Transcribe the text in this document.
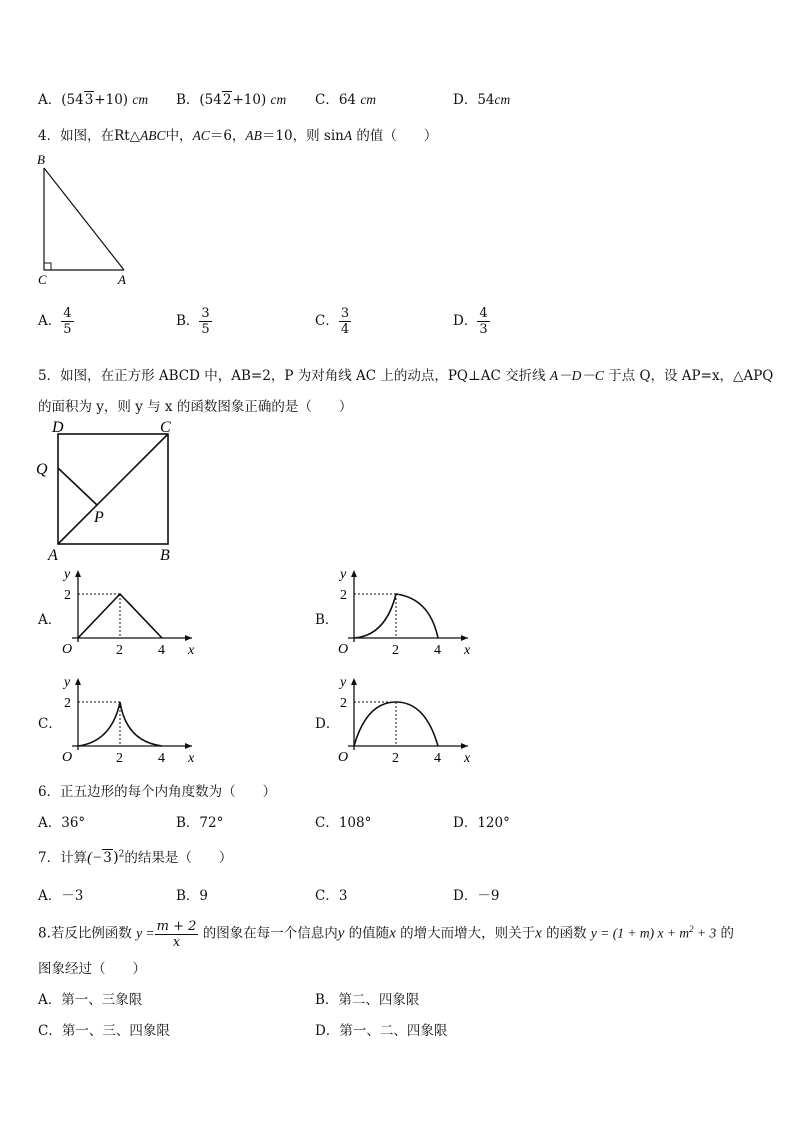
A．(543+10) cm B．(542+10) cm C．64 cm	D．54cm
4．如图，在Rt△ABC中，AC＝6，AB＝10，则 sinA 的值（　　）
B
C	A
A． $\frac{4}{5}$	B． $\frac{3}{5}$	C． $\frac{3}{4}$	D． $\frac{4}{3}$
5．如图，在正方形 ABCD 中，AB=2，P 为对角线 AC 上的动点，PQ⊥AC 交折线 A－D－C 于点 Q，设 AP=x，△APQ
的面积为 y，则 y 与 x 的函数图象正确的是（　　）
D	C
Q
P
A	B
A．
y
2
O	2	4 x
B．
y
2
O	2	4 x
C．
y
2
O	2	4 x
D．
y
2
O	2	4 x
6．正五边形的每个内角度数为（　　）
A．36°	B．72°	C．108°	D．120°
7．计算$(-3)^2$的结果是（　　）
A．－3	B．9	C．3	D．－9
8.若反比例函数 $y = \frac{m + 2}{x}$ 的图象在每一个信息内y 的值随x 的增大而增大，则关于x 的函数 y = (1 + m) $x + m^2 + 3$ 的
图象经过（　　）
A．第一、三象限	B．第二、四象限
C．第一、三、四象限	D．第一、二、四象限
